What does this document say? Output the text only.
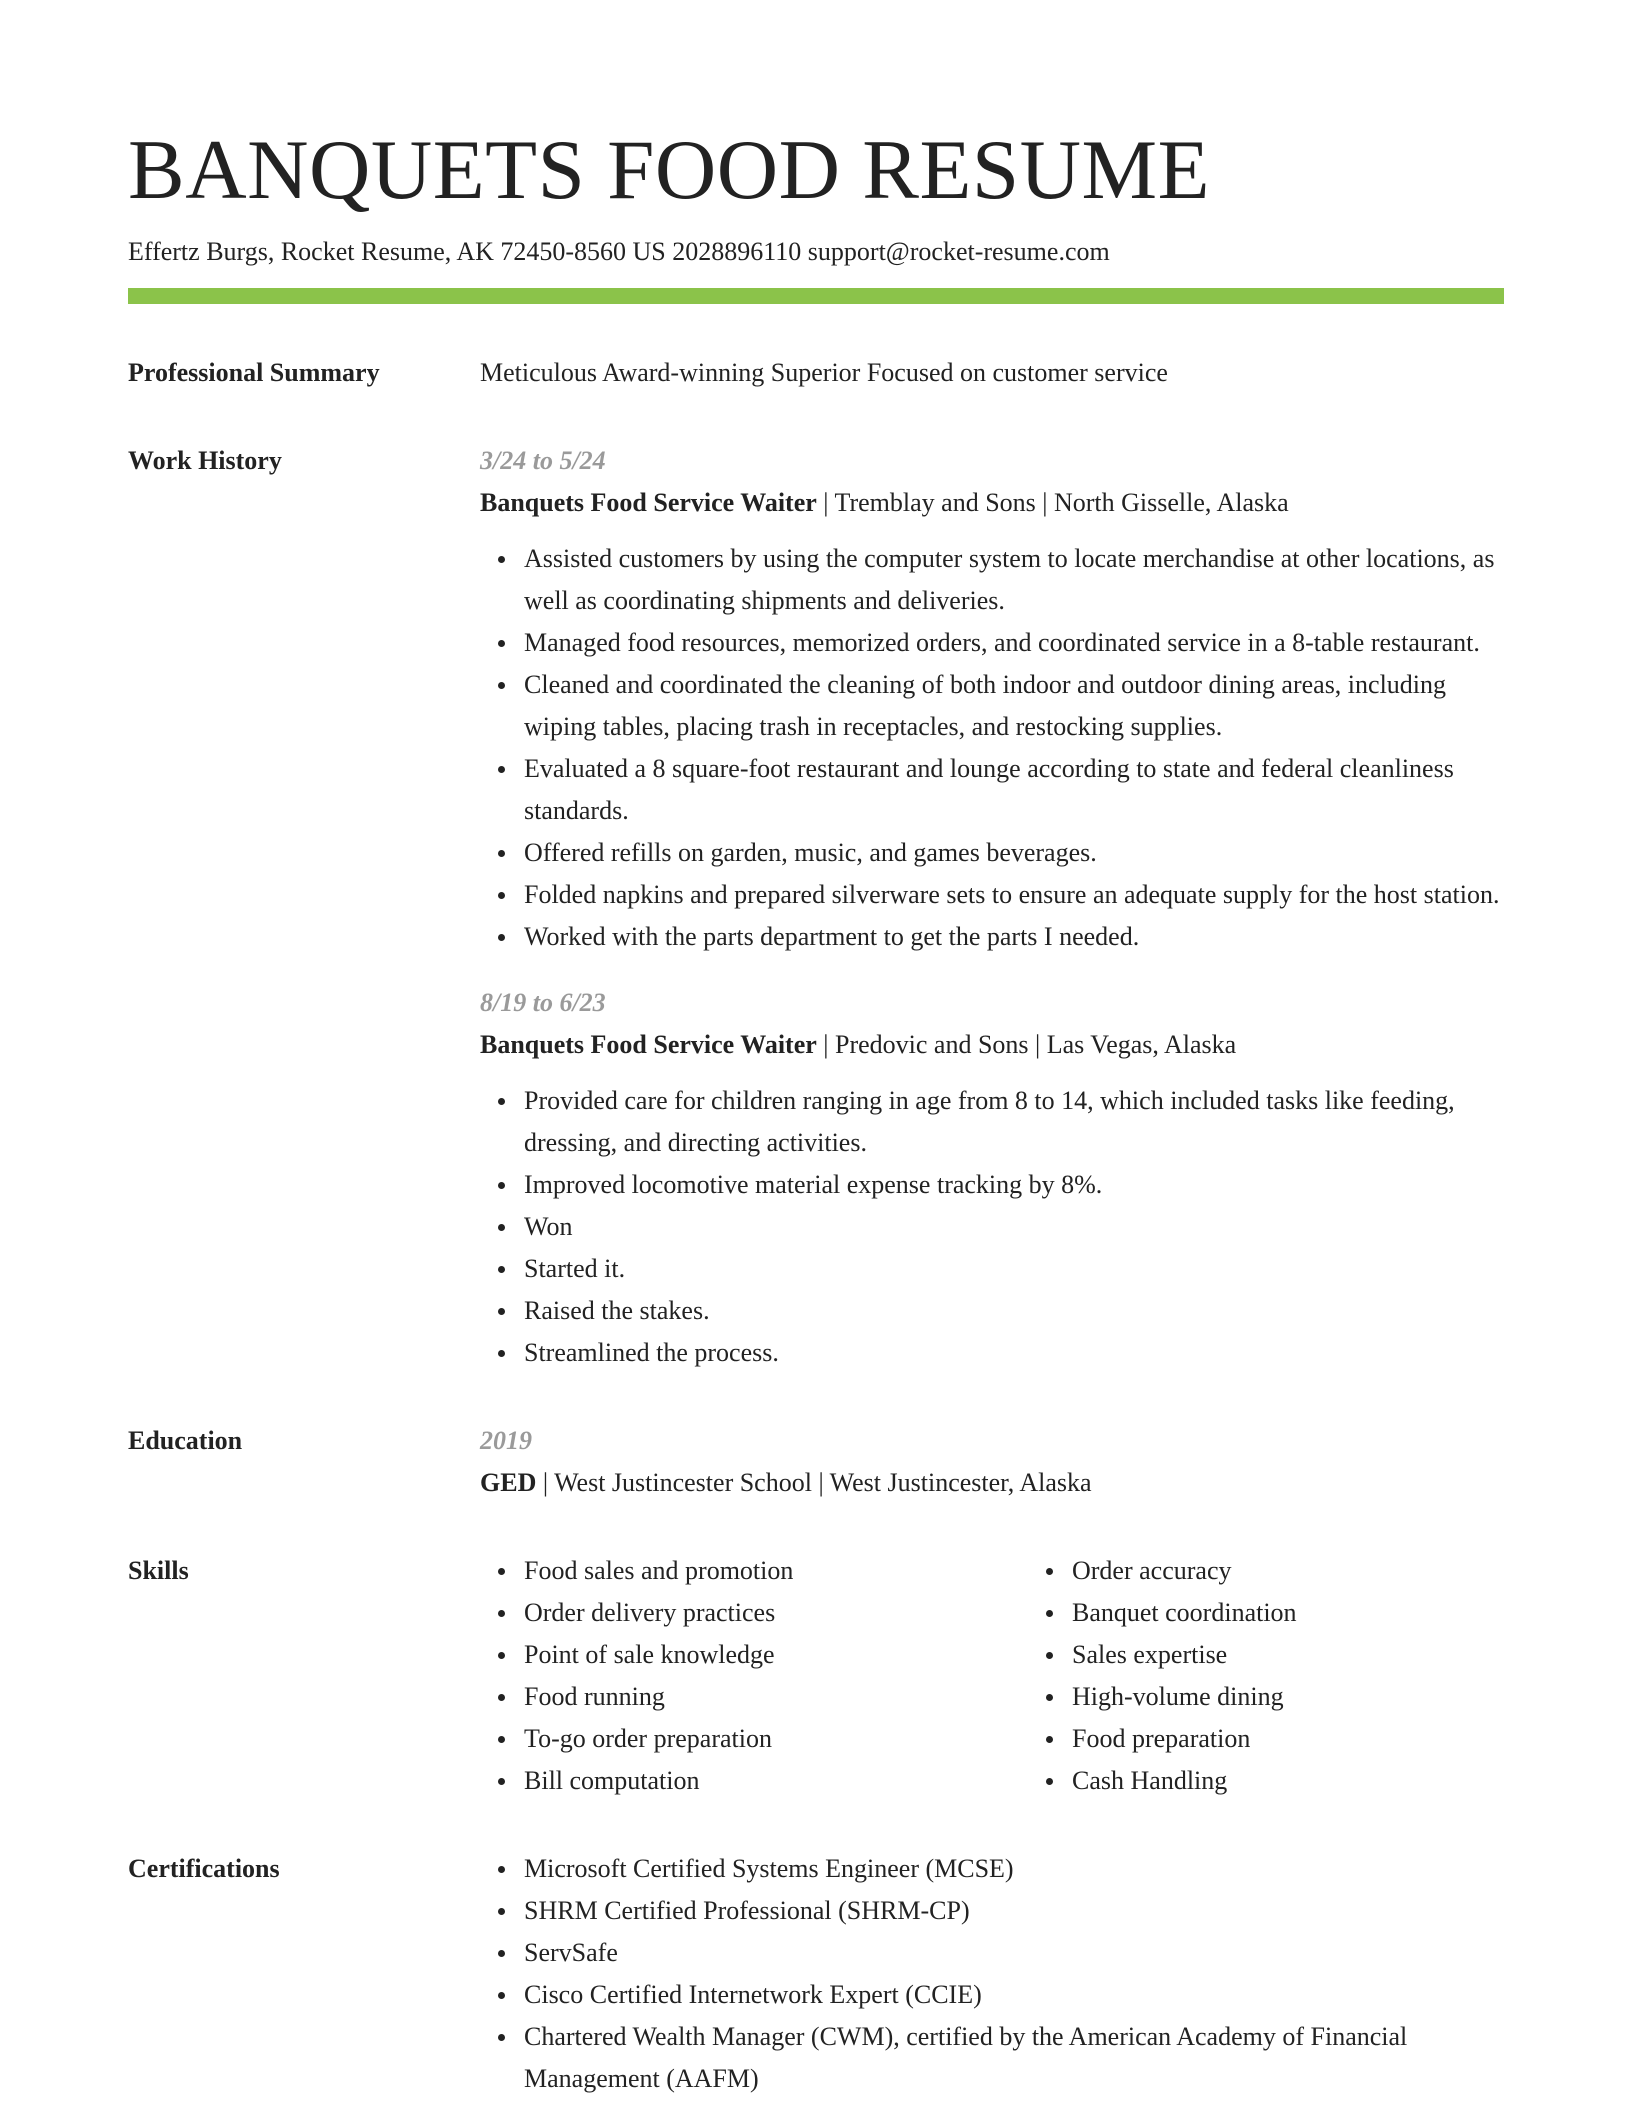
BANQUETS FOOD RESUME
Effertz Burgs, Rocket Resume, AK 72450-8560 US 2028896110 support@rocket-resume.com
Professional Summary	Meticulous Award-winning Superior Focused on customer service
Work History	3/24 to 5/24
Banquets Food Service Waiter | Tremblay and Sons | North Gisselle, Alaska
Assisted customers by using the computer system to locate merchandise at other locations, as well as coordinating shipments and deliveries.
Managed food resources, memorized orders, and coordinated service in a 8-table restaurant.
Cleaned and coordinated the cleaning of both indoor and outdoor dining areas, including wiping tables, placing trash in receptacles, and restocking supplies.
Evaluated a 8 square-foot restaurant and lounge according to state and federal cleanliness standards.
Offered refills on garden, music, and games beverages.
Folded napkins and prepared silverware sets to ensure an adequate supply for the host station.
Worked with the parts department to get the parts I needed.
8/19 to 6/23
Banquets Food Service Waiter | Predovic and Sons | Las Vegas, Alaska
Provided care for children ranging in age from 8 to 14, which included tasks like feeding, dressing, and directing activities.
Improved locomotive material expense tracking by 8%.
Won
Started it.
Raised the stakes.
Streamlined the process.
Education	2019
GED | West Justincester School | West Justincester, Alaska
Skills	Food sales and promotion
Order delivery practices
Point of sale knowledge
Food running
To-go order preparation
Bill computation
Order accuracy
Banquet coordination
Sales expertise
High-volume dining
Food preparation
Cash Handling
Certifications	Microsoft Certified Systems Engineer (MCSE)
SHRM Certified Professional (SHRM-CP)
ServSafe
Cisco Certified Internetwork Expert (CCIE)
Chartered Wealth Manager (CWM), certified by the American Academy of Financial Management (AAFM)
